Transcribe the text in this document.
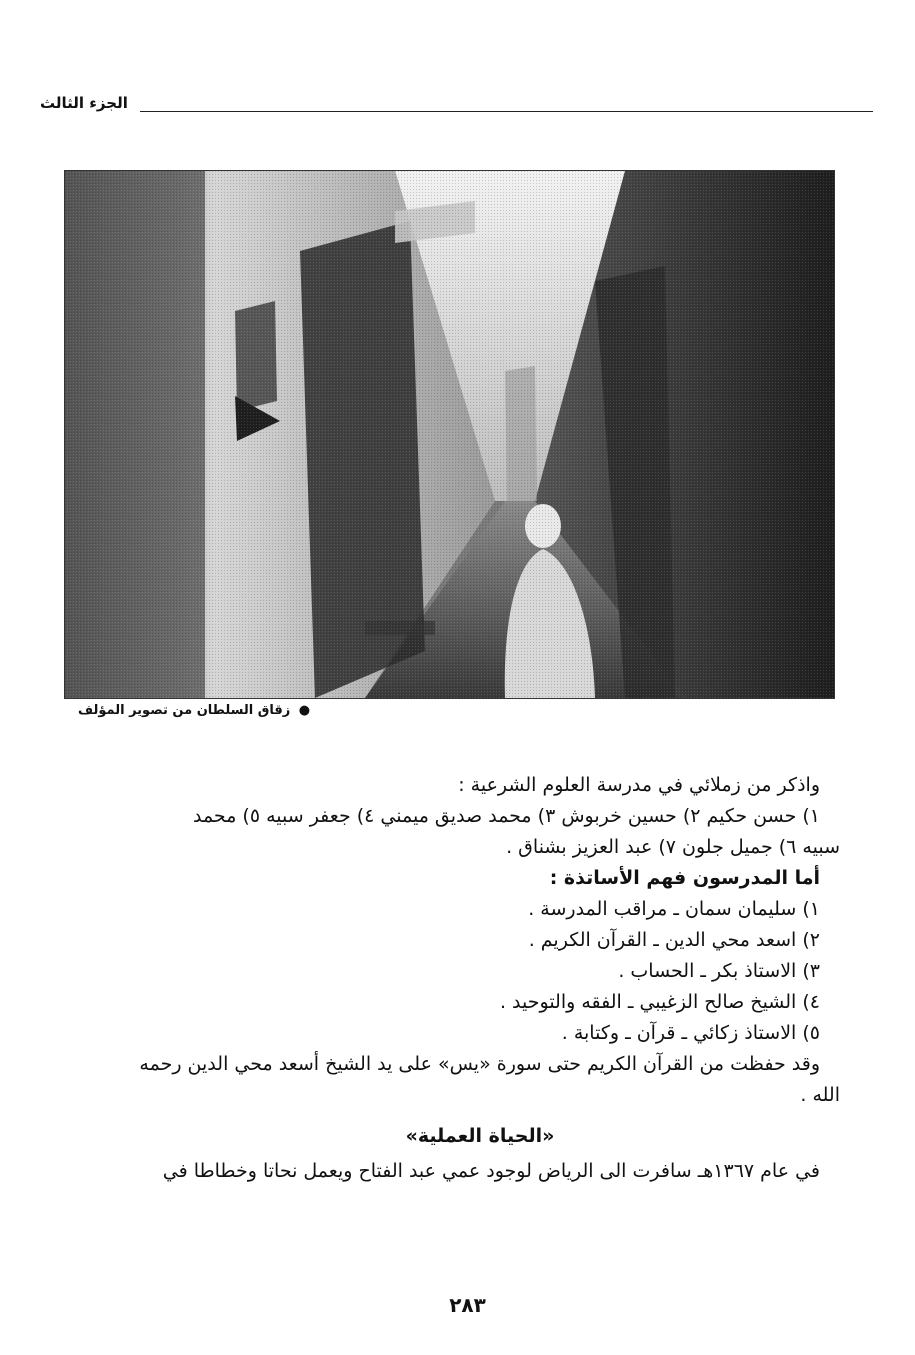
الجزء الثالث
● زقاق السلطان من تصوير المؤلف

واذكر من زملائي في مدرسة العلوم الشرعية :

١) حسن حكيم ٢) حسين خربوش ٣) محمد صديق ميمني ٤) جعفر سبيه ٥) محمد

سبيه ٦) جميل جلون ٧) عبد العزيز بشناق .

أما المدرسون فهم الأساتذة :

١) سليمان سمان ـ مراقب المدرسة .

٢) اسعد محي الدين ـ القرآن الكريم .

٣) الاستاذ بكر ـ الحساب .

٤) الشيخ صالح الزغيبي ـ الفقه والتوحيد .

٥) الاستاذ زكائي ـ قرآن ـ وكتابة .

وقد حفظت من القرآن الكريم حتى سورة «يس» على يد الشيخ أسعد محي الدين رحمه

الله .

«الحياة العملية»

في عام ١٣٦٧هـ سافرت الى الرياض لوجود عمي عبد الفتاح ويعمل نحاتا وخطاطا في

٢٨٣
